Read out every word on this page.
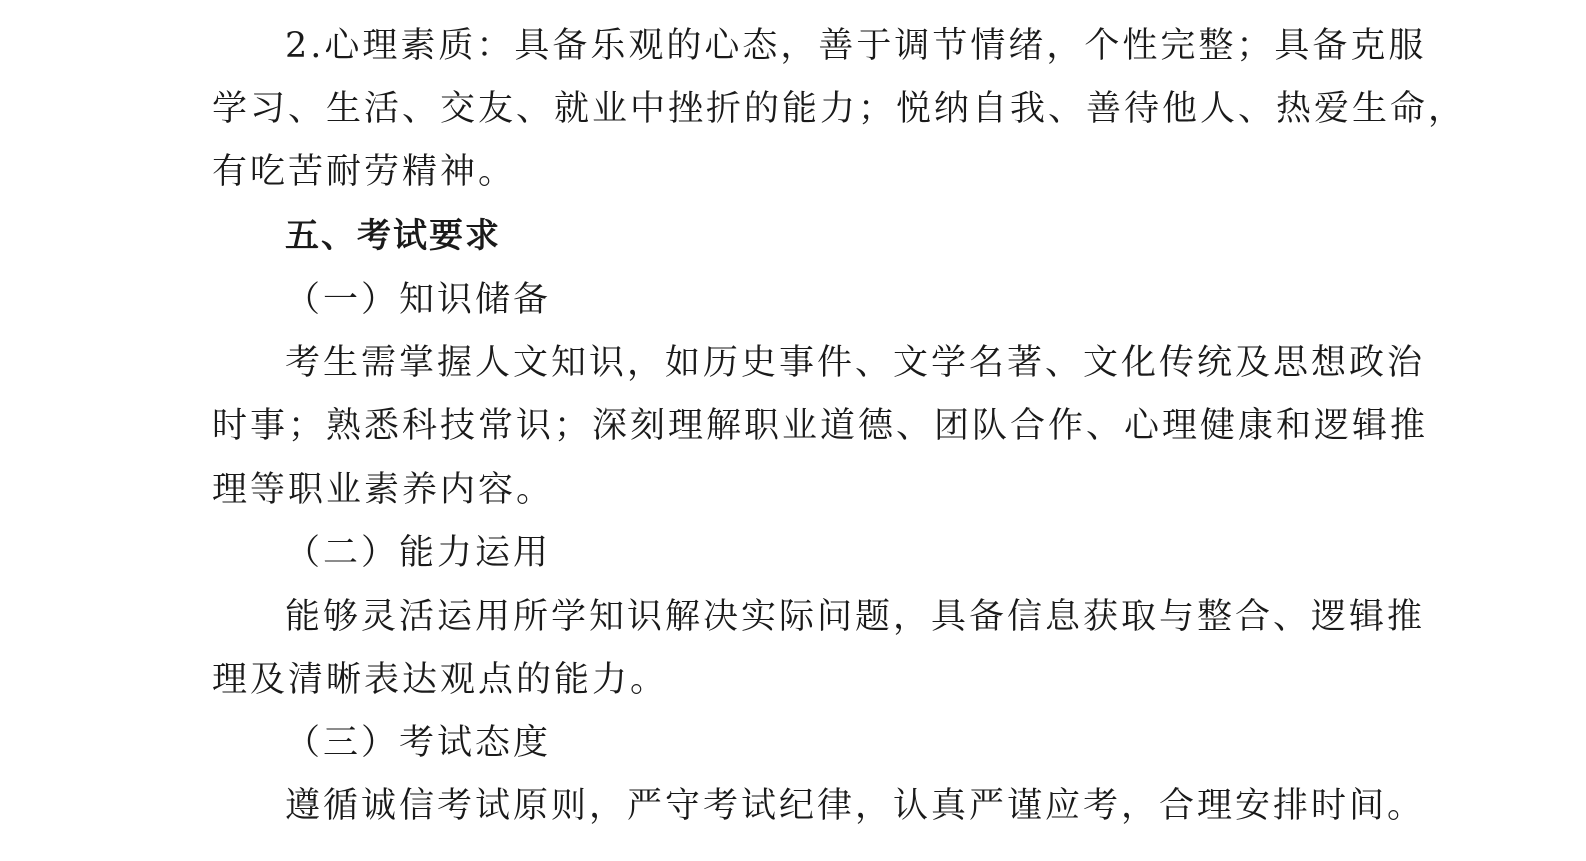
2.心理素质：具备乐观的心态，善于调节情绪，个性完整；具备克服
学习、生活、交友、就业中挫折的能力；悦纳自我、善待他人、热爱生命，
有吃苦耐劳精神。
五、考试要求
（一）知识储备
考生需掌握人文知识，如历史事件、文学名著、文化传统及思想政治
时事；熟悉科技常识；深刻理解职业道德、团队合作、心理健康和逻辑推
理等职业素养内容。
（二）能力运用
能够灵活运用所学知识解决实际问题，具备信息获取与整合、逻辑推
理及清晰表达观点的能力。
（三）考试态度
遵循诚信考试原则，严守考试纪律，认真严谨应考，合理安排时间。
